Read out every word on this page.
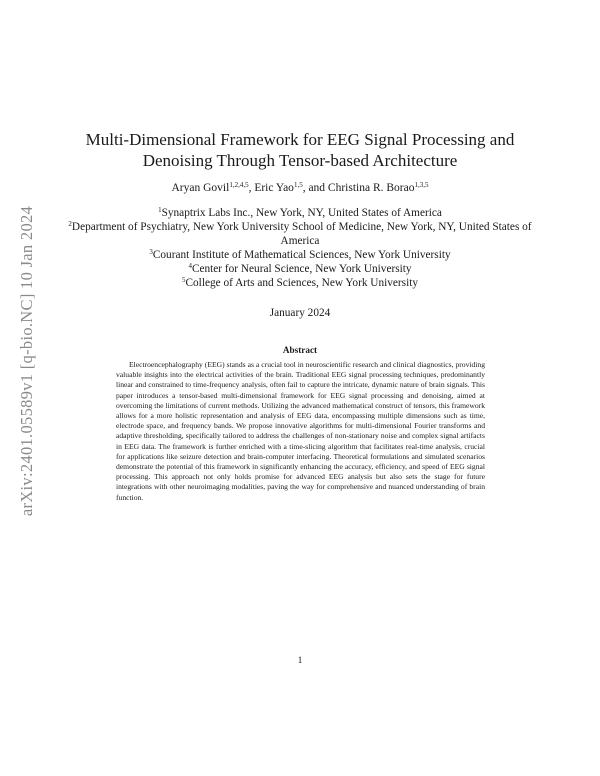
arXiv:2401.05589v1 [q-bio.NC] 10 Jan 2024
Multi-Dimensional Framework for EEG Signal Processing and
Denoising Through Tensor-based Architecture
Aryan Govil$^{1,2,4,5}$, Eric Yao$^{1,5}$, and Christina R. Borao$^{1,3,5}$
$^1$Synaptrix Labs Inc., New York, NY, United States of America
$^2$Department of Psychiatry, New York University School of Medicine, New York, NY, United States of America
$^3$Courant Institute of Mathematical Sciences, New York University
$^4$Center for Neural Science, New York University
$^5$College of Arts and Sciences, New York University
January 2024
Abstract
Electroencephalography (EEG) stands as a crucial tool in neuroscientific research and clinical diagnostics, providing valuable insights into the electrical activities of the brain. Traditional EEG signal processing techniques, predominantly linear and constrained to time-frequency analysis, often fail to capture the intricate, dynamic nature of brain signals. This paper introduces a tensor-based multi-dimensional framework for EEG signal processing and denoising, aimed at overcoming the limitations of current methods. Utilizing the advanced mathematical construct of tensors, this framework allows for a more holistic representation and analysis of EEG data, encompassing multiple dimensions such as time, electrode space, and frequency bands. We propose innovative algorithms for multi-dimensional Fourier transforms and adaptive thresholding, specifically tailored to address the challenges of non-stationary noise and complex signal artifacts in EEG data. The framework is further enriched with a time-slicing algorithm that facilitates real-time analysis, crucial for applications like seizure detection and brain-computer interfacing. Theoretical formulations and simulated scenarios demonstrate the potential of this framework in significantly enhancing the accuracy, efficiency, and speed of EEG signal processing. This approach not only holds promise for advanced EEG analysis but also sets the stage for future integrations with other neuroimaging modalities, paving the way for comprehensive and nuanced understanding of brain function.
1
